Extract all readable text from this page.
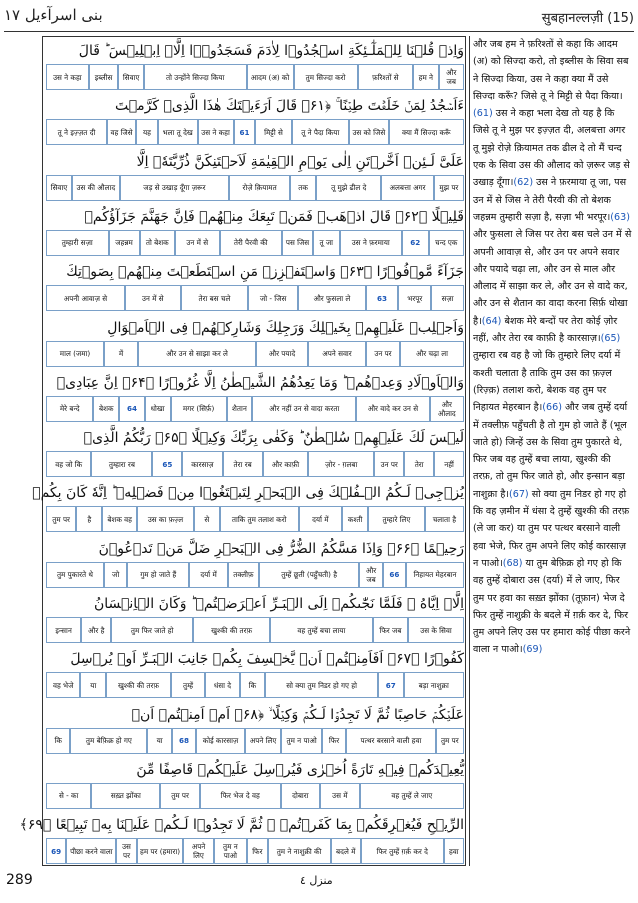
بنی اسرآءیل ۱۷	सुबहानल्लज़ी (15)
وَاِذۡ قُلۡنَا لِلۡمَلٰٓـئِكَةِ اسۡجُدُوۡا لِاٰدَمَ فَسَجَدُوۡۤا اِلَّاۤ اِبۡلِيۡسَ ؕ قَالَ
और जब
हम ने
फ़रिश्तों से
तुम सिज्दा करो
आदम (अ) को
तो उन्होंने सिज्दा किया
सिवाए
इब्लीस
उस ने कहा
ءَاَسۡجُدُ لِمَنۡ خَلَقۡتَ طِيۡنًا ۚ‏ ﴿۶۱﴾ قَالَ اَرَءَيۡتَكَ هٰذَا الَّذِىۡ كَرَّمۡتَ
क्या मैं सिज्दा करूँ
उस को जिसे
तू ने पैदा किया
मिट्टी से
61
उस ने कहा
भला तू देख
यह
वह जिसे
तू ने इज़्ज़त दी
عَلَىَّ لَـئِنۡ اَخَّرۡتَنِ اِلٰى يَوۡمِ الۡقِيٰمَةِ لَاَحۡتَنِكَنَّ ذُرِّيَّتَهٗۤ اِلَّا
मुझ पर
अलबत्ता अगर
तू मुझे ढील दे
तक
रोज़े क़ियामत
जड़ से उखाड़ दूँगा ज़रूर
उस की औलाद
सिवाए
قَلِيۡلًا ﴿۶۲﴾ قَالَ اذۡهَبۡ فَمَنۡ تَبِعَكَ مِنۡهُمۡ فَاِنَّ جَهَنَّمَ جَزَآؤُكُمۡ
चन्द एक
62
उस ने फ़रमाया
तू जा
पस जिस
तेरी पैरवी की
उन में से
तो बेशक
जहन्नम
तुम्हारी सज़ा
جَزَآءً مَّوۡفُوۡرًا ﴿۶۳﴾ وَاسۡتَفۡزِزۡ مَنِ اسۡتَطَعۡتَ مِنۡهُمۡ بِصَوۡتِكَ
सज़ा
भरपूर
63
और फुसला ले
जो - जिस
तेरा बस चले
उन में से
अपनी आवाज़ से
وَاَجۡلِبۡ عَلَيۡهِمۡ بِخَيۡلِكَ وَرَجِلِكَ وَشَارِكۡهُمۡ فِى الۡاَمۡوَالِ
और चढ़ा ला
उन पर
अपने सवार
और पयादे
और उन से साझा कर ले
में
माल (जमा)
وَالۡاَوۡلَادِ وَعِدۡهُمۡ ؕ وَمَا يَعِدُهُمُ الشَّيۡطٰنُ اِلَّا غُرُوۡرًا ﴿۶۴﴾ اِنَّ عِبَادِىۡ
और औलाद
और वादे कर उन से
और नहीं उन से वादा करता
शैतान
मगर (सिर्फ़)
धोखा
64
बेशक
मेरे बन्दे
لَيۡسَ لَكَ عَلَيۡهِمۡ سُلۡطٰنٌ ؕ وَكَفٰى بِرَبِّكَ وَكِيۡلًا ﴿۶۵﴾ رَبُّكُمُ الَّذِىۡ
नहीं
तेरा
उन पर
ज़ोर - ग़लबा
और काफ़ी
तेरा रब
कारसाज़
65
तुम्हारा रब
वह जो कि
يُزۡجِىۡ لَـكُمُ الۡـفُلۡكَ فِى الۡبَحۡرِ لِتَبۡتَغُوۡا مِنۡ فَضۡلِهٖ ؕ اِنَّهٗ كَانَ بِكُمۡ
चलाता है
तुम्हारे लिए
कश्ती
दर्या में
ताकि तुम तलाश करो
से
उस का फ़ज़्ल
बेशक वह
है
तुम पर
رَحِيۡمًا ﴿۶۶﴾ وَاِذَا مَسَّكُمُ الضُّرُّ فِى الۡبَحۡرِ ضَلَّ مَنۡ تَدۡعُوۡنَ
निहायत मेहरबान
66
और जब
तुम्हें छूती (पहुँचती) है
तक्लीफ़
दर्या में
गुम हो जाते हैं
जो
तुम पुकारते थे
اِلَّاۤ اِيَّاهُ ۚ فَلَمَّا نَجّٰٮكُمۡ اِلَى الۡبَـرِّ اَعۡرَضۡتُمۡ ؕ وَكَانَ الۡاِنۡسَانُ
उस के सिवा
फिर जब
वह तुम्हें बचा लाया
खुश्की की तरफ़
तुम फिर जाते हो
और है
इन्सान
كَفُوۡرًا ﴿۶۷﴾ اَفَاَمِنۡتُمۡ اَنۡ يَّخۡسِفَ بِكُمۡ جَانِبَ الۡبَـرِّ اَوۡ يُرۡسِلَ
बड़ा नाशुक्रा
67
सो क्या तुम निडर हो गए हो
कि
धंसा दे
तुम्हें
खुश्की की तरफ़
या
वह भेजे
عَلَيۡكُمۡ حَاصِبًا ثُمَّ لَا تَجِدُوۡا لَـكُمۡ وَكِيۡلًا ۙ‏ ﴿۶۸﴾ اَمۡ اَمِنۡتُمۡ اَنۡ
तुम पर
पत्थर बरसाने वाली हवा
फिर
तुम न पाओ
अपने लिए
कोई कारसाज़
68
या
तुम बेफ़िक्र हो गए
कि
يُّعِيۡدَكُمۡ فِيۡهِ تَارَةً اُخۡرٰى فَيُرۡسِلَ عَلَيۡكُمۡ قَاصِفًا مِّنَ
वह तुम्हें ले जाए
उस में
दोबारा
फिर भेज दे वह
तुम पर
सख़्त झोंका
से - का
الرِّيۡحِ فَيُغۡرِقَكُمۡ بِمَا كَفَرۡتُمۡ ۙ ثُمَّ لَا تَجِدُوۡا لَـكُمۡ عَلَيۡنَا بِهٖ تَبِيۡعًا ﴿۶۹﴾
हवा
फिर तुम्हें ग़र्क़ कर दे
बदले में
तुम ने नाशुक्री की
फिर
तुम न पाओ
अपने लिए
हम पर (हमारा)
उस पर
पीछा करने वाला
69
और जब हम ने फ़रिश्तों से कहा कि आदम (अ) को सिज्दा करो, तो इब्लीस के सिवा सब ने सिज्दा किया, उस ने कहा क्या मैं उसे सिज्दा करूँ? जिसे तू ने मिट्टी से पैदा किया।(61) उस ने कहा भला देख तो यह है कि जिसे तू ने मुझ पर इज़्ज़त दी, अलबत्ता अगर तू मुझे रोज़े क़ियामत तक ढील दे तो मैं चन्द एक के सिवा उस की औलाद को ज़रूर जड़ से उखाड़ दूँगा।(62) उस ने फ़रमाया तू जा, पस उन में से जिस ने तेरी पैरवी की तो बेशक जहन्नम तुम्हारी सज़ा है, सज़ा भी भरपूर।(63) और फुसला ले जिस पर तेरा बस चले उन में से अपनी आवाज़ से, और उन पर अपने सवार और पयादे चढ़ा ला, और उन से माल और औलाद में साझा कर ले, और उन से वादे कर, और उन से शैतान का वादा करना सिर्फ़ धोखा है।(64) बेशक मेरे बन्दों पर तेरा कोई ज़ोर नहीं, और तेरा रब काफ़ी है कारसाज़।(65) तुम्हारा रब वह है जो कि तुम्हारे लिए दर्या में कश्ती चलाता है ताकि तुम उस का फ़ज़्ल (रिज़्क़) तलाश करो, बेशक वह तुम पर निहायत मेहरबान है।(66) और जब तुम्हें दर्या में तक्लीफ़ पहुँचती है तो गुम हो जाते हैं (भूल जाते हो) जिन्हें उस के सिवा तुम पुकारते थे, फिर जब वह तुम्हें बचा लाया, खुश्की की तरफ़, तो तुम फिर जाते हो, और इन्सान बड़ा नाशुक्रा है।(67) सो क्या तुम निडर हो गए हो कि वह ज़मीन में धंसा दे तुम्हें खुश्की की तरफ़ (ले जा कर) या तुम पर पत्थर बरसाने वाली हवा भेजे, फिर तुम अपने लिए कोई कारसाज़ न पाओ।(68) या तुम बेफ़िक्र हो गए हो कि वह तुम्हें दोबारा उस (दर्या) में ले जाए, फिर तुम पर हवा का सख़्त झोंका (तूफ़ान) भेज दे फिर तुम्हें नाशुक्री के बदले में ग़र्क़ कर दे, फिर तुम अपने लिए उस पर हमारा कोई पीछा करने वाला न पाओ।(69)
289	منزل ٤
